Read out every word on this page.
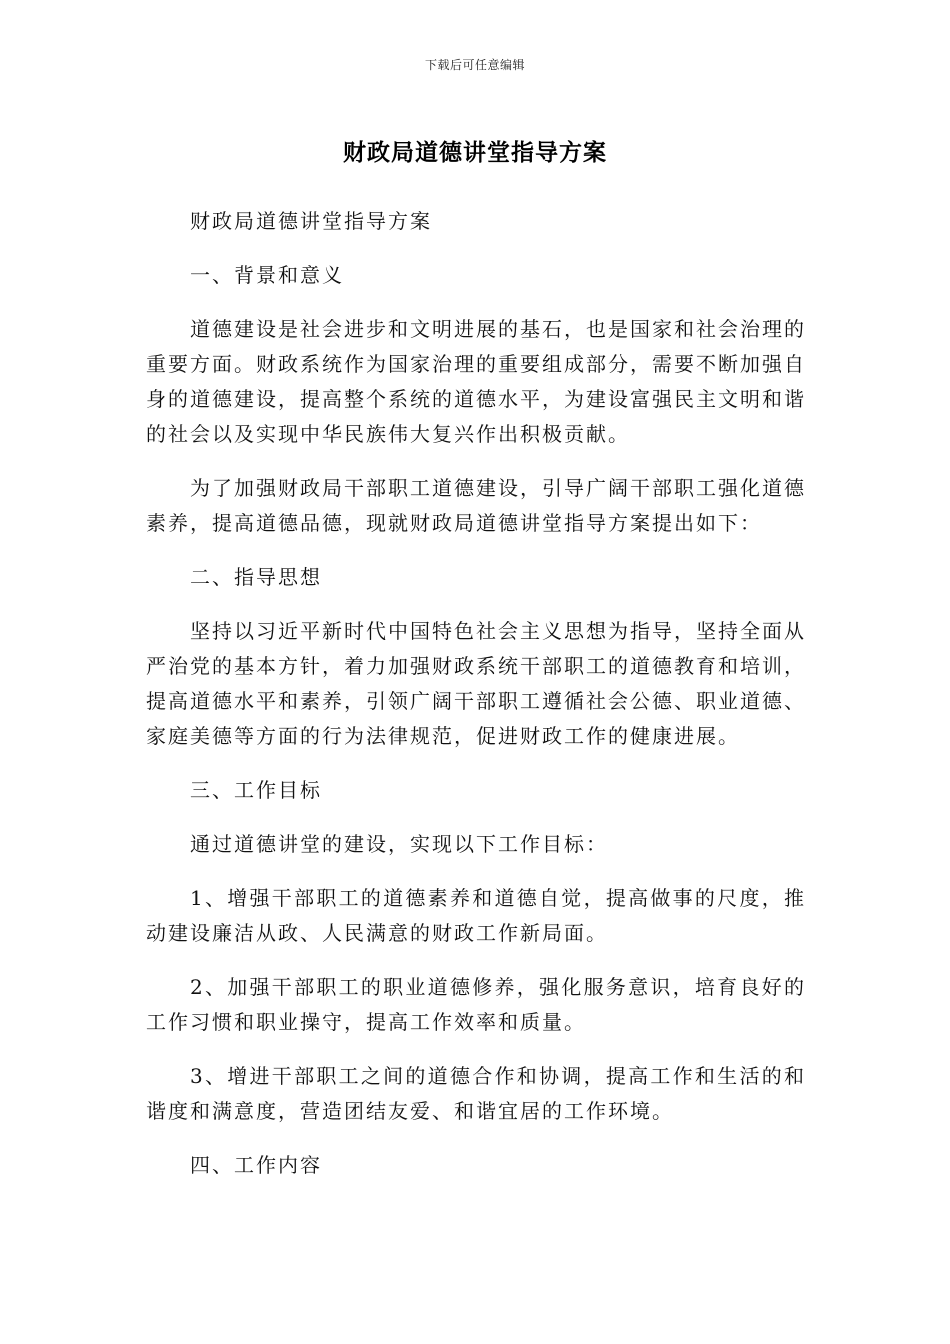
下载后可任意编辑
财政局道德讲堂指导方案

财政局道德讲堂指导方案

一、背景和意义

道德建设是社会进步和文明进展的基石，也是国家和社会治理的重要方面。财政系统作为国家治理的重要组成部分，需要不断加强自身的道德建设，提高整个系统的道德水平，为建设富强民主文明和谐的社会以及实现中华民族伟大复兴作出积极贡献。

为了加强财政局干部职工道德建设，引导广阔干部职工强化道德素养，提高道德品德，现就财政局道德讲堂指导方案提出如下：

二、指导思想

坚持以习近平新时代中国特色社会主义思想为指导，坚持全面从严治党的基本方针，着力加强财政系统干部职工的道德教育和培训，提高道德水平和素养，引领广阔干部职工遵循社会公德、职业道德、家庭美德等方面的行为法律规范，促进财政工作的健康进展。

三、工作目标

通过道德讲堂的建设，实现以下工作目标：

1、增强干部职工的道德素养和道德自觉，提高做事的尺度，推动建设廉洁从政、人民满意的财政工作新局面。

2、加强干部职工的职业道德修养，强化服务意识，培育良好的工作习惯和职业操守，提高工作效率和质量。

3、增进干部职工之间的道德合作和协调，提高工作和生活的和谐度和满意度，营造团结友爱、和谐宜居的工作环境。

四、工作内容
